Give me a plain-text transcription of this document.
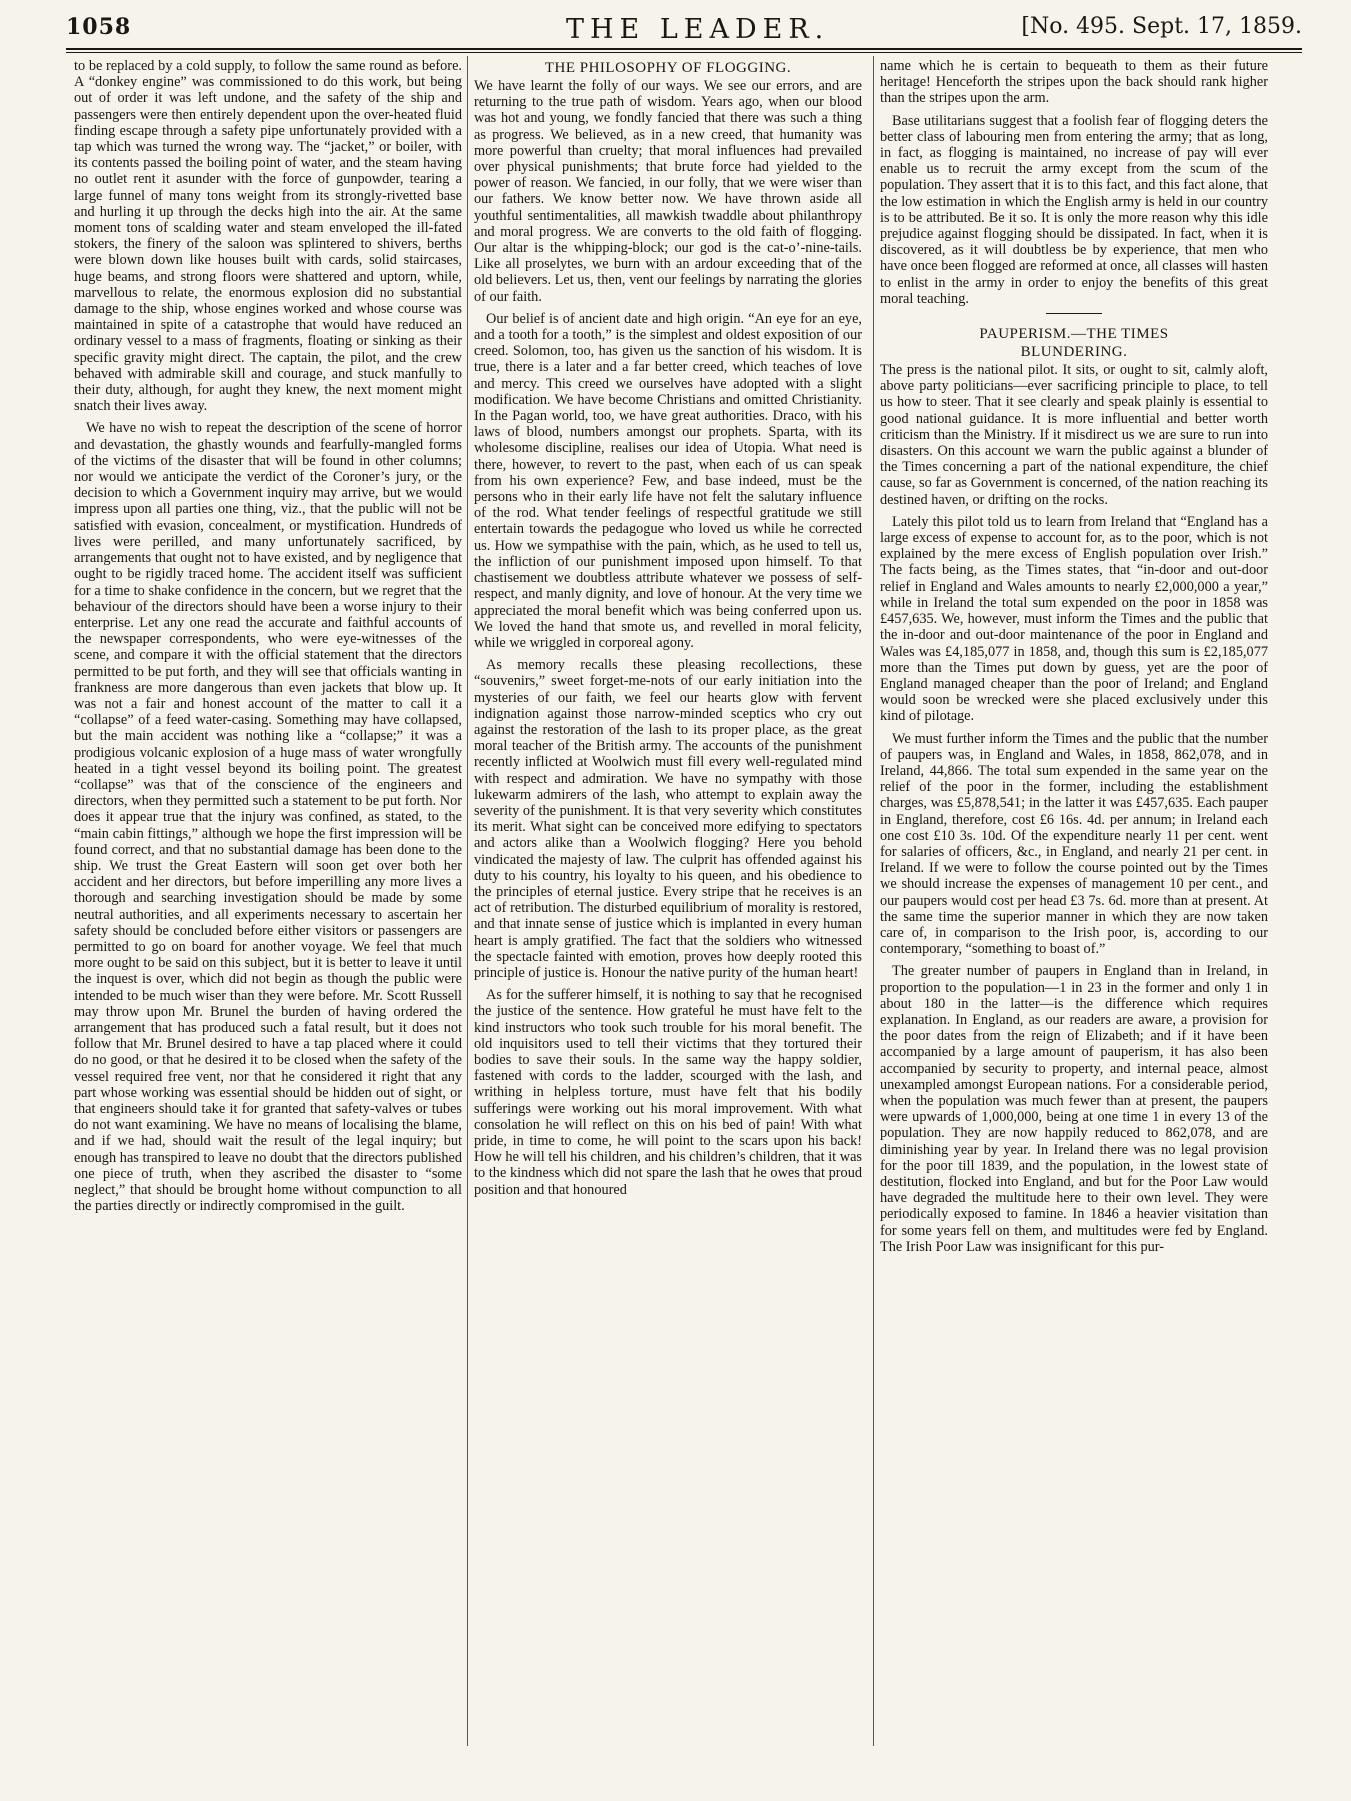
1058	THE LEADER.	[No. 495. Sept. 17, 1859.

to be replaced by a cold supply, to follow the same round as before. A “donkey engine” was commissioned to do this work, but being out of order it was left undone, and the safety of the ship and passengers were then entirely dependent upon the over-heated fluid finding escape through a safety pipe unfortunately provided with a tap which was turned the wrong way. The “jacket,” or boiler, with its contents passed the boiling point of water, and the steam having no outlet rent it asunder with the force of gunpowder, tearing a large funnel of many tons weight from its strongly-rivetted base and hurling it up through the decks high into the air. At the same moment tons of scalding water and steam enveloped the ill-fated stokers, the finery of the saloon was splintered to shivers, berths were blown down like houses built with cards, solid staircases, huge beams, and strong floors were shattered and uptorn, while, marvellous to relate, the enormous explosion did no substantial damage to the ship, whose engines worked and whose course was maintained in spite of a catastrophe that would have reduced an ordinary vessel to a mass of fragments, floating or sinking as their specific gravity might direct. The captain, the pilot, and the crew behaved with admirable skill and courage, and stuck manfully to their duty, although, for aught they knew, the next moment might snatch their lives away.

We have no wish to repeat the description of the scene of horror and devastation, the ghastly wounds and fearfully-mangled forms of the victims of the disaster that will be found in other columns; nor would we anticipate the verdict of the Coroner’s jury, or the decision to which a Government inquiry may arrive, but we would impress upon all parties one thing, viz., that the public will not be satisfied with evasion, concealment, or mystification. Hundreds of lives were perilled, and many unfortunately sacrificed, by arrangements that ought not to have existed, and by negligence that ought to be rigidly traced home. The accident itself was sufficient for a time to shake confidence in the concern, but we regret that the behaviour of the directors should have been a worse injury to their enterprise. Let any one read the accurate and faithful accounts of the newspaper correspondents, who were eye-witnesses of the scene, and compare it with the official statement that the directors permitted to be put forth, and they will see that officials wanting in frankness are more dangerous than even jackets that blow up. It was not a fair and honest account of the matter to call it a “collapse” of a feed water-casing. Something may have collapsed, but the main accident was nothing like a “collapse;” it was a prodigious volcanic explosion of a huge mass of water wrongfully heated in a tight vessel beyond its boiling point. The greatest “collapse” was that of the conscience of the engineers and directors, when they permitted such a statement to be put forth. Nor does it appear true that the injury was confined, as stated, to the “main cabin fittings,” although we hope the first impression will be found correct, and that no substantial damage has been done to the ship. We trust the Great Eastern will soon get over both her accident and her directors, but before imperilling any more lives a thorough and searching investigation should be made by some neutral authorities, and all experiments necessary to ascertain her safety should be concluded before either visitors or passengers are permitted to go on board for another voyage. We feel that much more ought to be said on this subject, but it is better to leave it until the inquest is over, which did not begin as though the public were intended to be much wiser than they were before. Mr. Scott Russell may throw upon Mr. Brunel the burden of having ordered the arrangement that has produced such a fatal result, but it does not follow that Mr. Brunel desired to have a tap placed where it could do no good, or that he desired it to be closed when the safety of the vessel required free vent, nor that he considered it right that any part whose working was essential should be hidden out of sight, or that engineers should take it for granted that safety-valves or tubes do not want examining. We have no means of localising the blame, and if we had, should wait the result of the legal inquiry; but enough has transpired to leave no doubt that the directors published one piece of truth, when they ascribed the disaster to “some neglect,” that should be brought home without compunction to all the parties directly or indirectly compromised in the guilt.

THE PHILOSOPHY OF FLOGGING.

We have learnt the folly of our ways. We see our errors, and are returning to the true path of wisdom. Years ago, when our blood was hot and young, we fondly fancied that there was such a thing as progress. We believed, as in a new creed, that humanity was more powerful than cruelty; that moral influences had prevailed over physical punishments; that brute force had yielded to the power of reason. We fancied, in our folly, that we were wiser than our fathers. We know better now. We have thrown aside all youthful sentimentalities, all mawkish twaddle about philanthropy and moral progress. We are converts to the old faith of flogging. Our altar is the whipping-block; our god is the cat-o’-nine-tails. Like all proselytes, we burn with an ardour exceeding that of the old believers. Let us, then, vent our feelings by narrating the glories of our faith.

Our belief is of ancient date and high origin. “An eye for an eye, and a tooth for a tooth,” is the simplest and oldest exposition of our creed. Solomon, too, has given us the sanction of his wisdom. It is true, there is a later and a far better creed, which teaches of love and mercy. This creed we ourselves have adopted with a slight modification. We have become Christians and omitted Christianity. In the Pagan world, too, we have great authorities. Draco, with his laws of blood, numbers amongst our prophets. Sparta, with its wholesome discipline, realises our idea of Utopia. What need is there, however, to revert to the past, when each of us can speak from his own experience? Few, and base indeed, must be the persons who in their early life have not felt the salutary influence of the rod. What tender feelings of respectful gratitude we still entertain towards the pedagogue who loved us while he corrected us. How we sympathise with the pain, which, as he used to tell us, the infliction of our punishment imposed upon himself. To that chastisement we doubtless attribute whatever we possess of self-respect, and manly dignity, and love of honour. At the very time we appreciated the moral benefit which was being conferred upon us. We loved the hand that smote us, and revelled in moral felicity, while we wriggled in corporeal agony.

As memory recalls these pleasing recollections, these “souvenirs,” sweet forget-me-nots of our early initiation into the mysteries of our faith, we feel our hearts glow with fervent indignation against those narrow-minded sceptics who cry out against the restoration of the lash to its proper place, as the great moral teacher of the British army. The accounts of the punishment recently inflicted at Woolwich must fill every well-regulated mind with respect and admiration. We have no sympathy with those lukewarm admirers of the lash, who attempt to explain away the severity of the punishment. It is that very severity which constitutes its merit. What sight can be conceived more edifying to spectators and actors alike than a Woolwich flogging? Here you behold vindicated the majesty of law. The culprit has offended against his duty to his country, his loyalty to his queen, and his obedience to the principles of eternal justice. Every stripe that he receives is an act of retribution. The disturbed equilibrium of morality is restored, and that innate sense of justice which is implanted in every human heart is amply gratified. The fact that the soldiers who witnessed the spectacle fainted with emotion, proves how deeply rooted this principle of justice is. Honour the native purity of the human heart!

As for the sufferer himself, it is nothing to say that he recognised the justice of the sentence. How grateful he must have felt to the kind instructors who took such trouble for his moral benefit. The old inquisitors used to tell their victims that they tortured their bodies to save their souls. In the same way the happy soldier, fastened with cords to the ladder, scourged with the lash, and writhing in helpless torture, must have felt that his bodily sufferings were working out his moral improvement. With what consolation he will reflect on this on his bed of pain! With what pride, in time to come, he will point to the scars upon his back! How he will tell his children, and his children’s children, that it was to the kindness which did not spare the lash that he owes that proud position and that honoured

name which he is certain to bequeath to them as their future heritage! Henceforth the stripes upon the back should rank higher than the stripes upon the arm.

Base utilitarians suggest that a foolish fear of flogging deters the better class of labouring men from entering the army; that as long, in fact, as flogging is maintained, no increase of pay will ever enable us to recruit the army except from the scum of the population. They assert that it is to this fact, and this fact alone, that the low estimation in which the English army is held in our country is to be attributed. Be it so. It is only the more reason why this idle prejudice against flogging should be dissipated. In fact, when it is discovered, as it will doubtless be by experience, that men who have once been flogged are reformed at once, all classes will hasten to enlist in the army in order to enjoy the benefits of this great moral teaching.

PAUPERISM.—THE TIMES
BLUNDERING.

The press is the national pilot. It sits, or ought to sit, calmly aloft, above party politicians—ever sacrificing principle to place, to tell us how to steer. That it see clearly and speak plainly is essential to good national guidance. It is more influential and better worth criticism than the Ministry. If it misdirect us we are sure to run into disasters. On this account we warn the public against a blunder of the Times concerning a part of the national expenditure, the chief cause, so far as Government is concerned, of the nation reaching its destined haven, or drifting on the rocks.

Lately this pilot told us to learn from Ireland that “England has a large excess of expense to account for, as to the poor, which is not explained by the mere excess of English population over Irish.” The facts being, as the Times states, that “in-door and out-door relief in England and Wales amounts to nearly £2,000,000 a year,” while in Ireland the total sum expended on the poor in 1858 was £457,635. We, however, must inform the Times and the public that the in-door and out-door maintenance of the poor in England and Wales was £4,185,077 in 1858, and, though this sum is £2,185,077 more than the Times put down by guess, yet are the poor of England managed cheaper than the poor of Ireland; and England would soon be wrecked were she placed exclusively under this kind of pilotage.

We must further inform the Times and the public that the number of paupers was, in England and Wales, in 1858, 862,078, and in Ireland, 44,866. The total sum expended in the same year on the relief of the poor in the former, including the establishment charges, was £5,878,541; in the latter it was £457,635. Each pauper in England, therefore, cost £6 16s. 4d. per annum; in Ireland each one cost £10 3s. 10d. Of the expenditure nearly 11 per cent. went for salaries of officers, &c., in England, and nearly 21 per cent. in Ireland. If we were to follow the course pointed out by the Times we should increase the expenses of management 10 per cent., and our paupers would cost per head £3 7s. 6d. more than at present. At the same time the superior manner in which they are now taken care of, in comparison to the Irish poor, is, according to our contemporary, “something to boast of.”

The greater number of paupers in England than in Ireland, in proportion to the population—1 in 23 in the former and only 1 in about 180 in the latter—is the difference which requires explanation. In England, as our readers are aware, a provision for the poor dates from the reign of Elizabeth; and if it have been accompanied by a large amount of pauperism, it has also been accompanied by security to property, and internal peace, almost unexampled amongst European nations. For a considerable period, when the population was much fewer than at present, the paupers were upwards of 1,000,000, being at one time 1 in every 13 of the population. They are now happily reduced to 862,078, and are diminishing year by year. In Ireland there was no legal provision for the poor till 1839, and the population, in the lowest state of destitution, flocked into England, and but for the Poor Law would have degraded the multitude here to their own level. They were periodically exposed to famine. In 1846 a heavier visitation than for some years fell on them, and multitudes were fed by England. The Irish Poor Law was insignificant for this pur-
